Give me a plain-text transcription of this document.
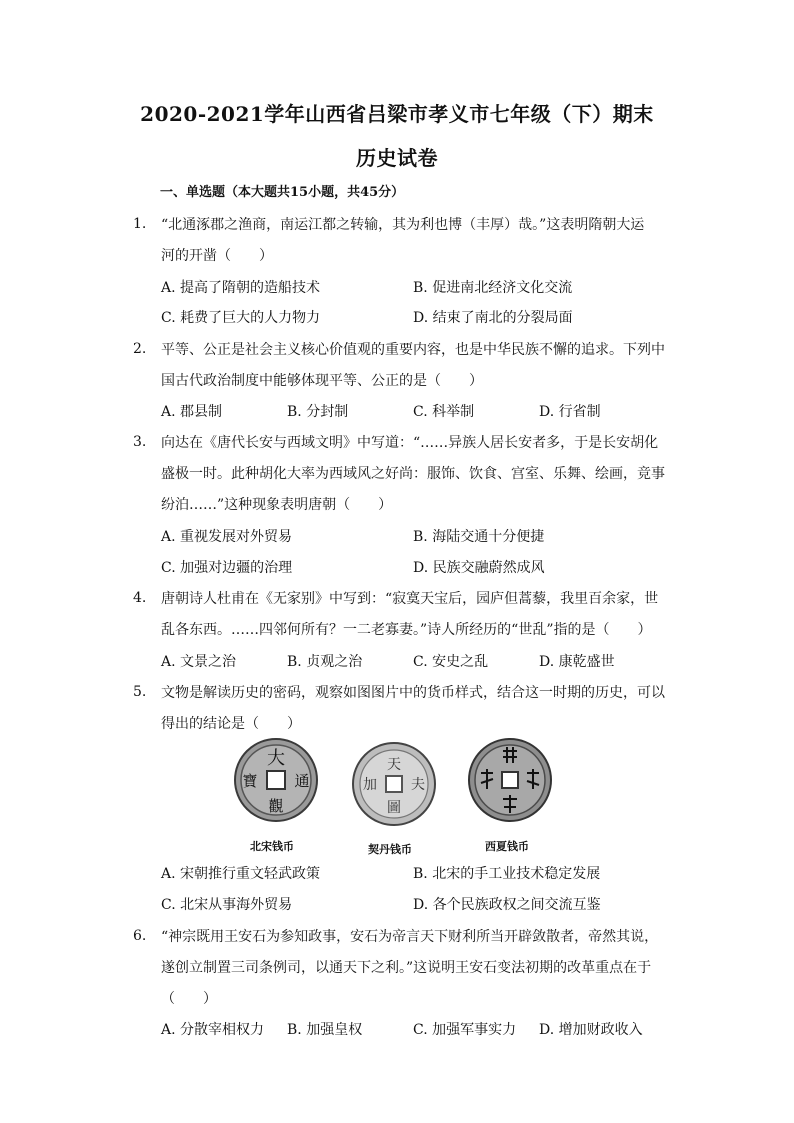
2020-2021学年山西省吕梁市孝义市七年级（下）期末
历史试卷
一、单选题（本大题共15小题，共45分）
1. “北通涿郡之渔商，南运江都之转输，其为利也博（丰厚）哉。”这表明隋朝大运
河的开凿（　　）
A. 提高了隋朝的造船技术	B. 促进南北经济文化交流
C. 耗费了巨大的人力物力	D. 结束了南北的分裂局面
2. 平等、公正是社会主义核心价值观的重要内容，也是中华民族不懈的追求。下列中
国古代政治制度中能够体现平等、公正的是（　　）
A. 郡县制	B. 分封制	C. 科举制	D. 行省制
3. 向达在《唐代长安与西域文明》中写道：“……异族人居长安者多，于是长安胡化
盛极一时。此种胡化大率为西域风之好尚：服饰、饮食、宫室、乐舞、绘画，竞事
纷泊……”这种现象表明唐朝（　　）
A. 重视发展对外贸易	B. 海陆交通十分便捷
C. 加强对边疆的治理	D. 民族交融蔚然成风
4. 唐朝诗人杜甫在《无家别》中写到：“寂寞天宝后，园庐但蒿藜，我里百余家，世
乱各东西。……四邻何所有？一二老寡妻。”诗人所经历的“世乱”指的是（　　）
A. 文景之治	B. 贞观之治	C. 安史之乱	D. 康乾盛世
5. 文物是解读历史的密码，观察如图图片中的货币样式，结合这一时期的历史，可以
得出的结论是（　　）
大
通
觀
寶
天
夫
圖
加
北宋钱币	契丹钱币	西夏钱币
A. 宋朝推行重文轻武政策	B. 北宋的手工业技术稳定发展
C. 北宋从事海外贸易	D. 各个民族政权之间交流互鉴
6. “神宗既用王安石为参知政事，安石为帝言天下财利所当开辟敛散者，帝然其说，
遂创立制置三司条例司，以通天下之利。”这说明王安石变法初期的改革重点在于
（　　）
A. 分散宰相权力 B. 加强皇权	C. 加强军事实力 D. 增加财政收入
